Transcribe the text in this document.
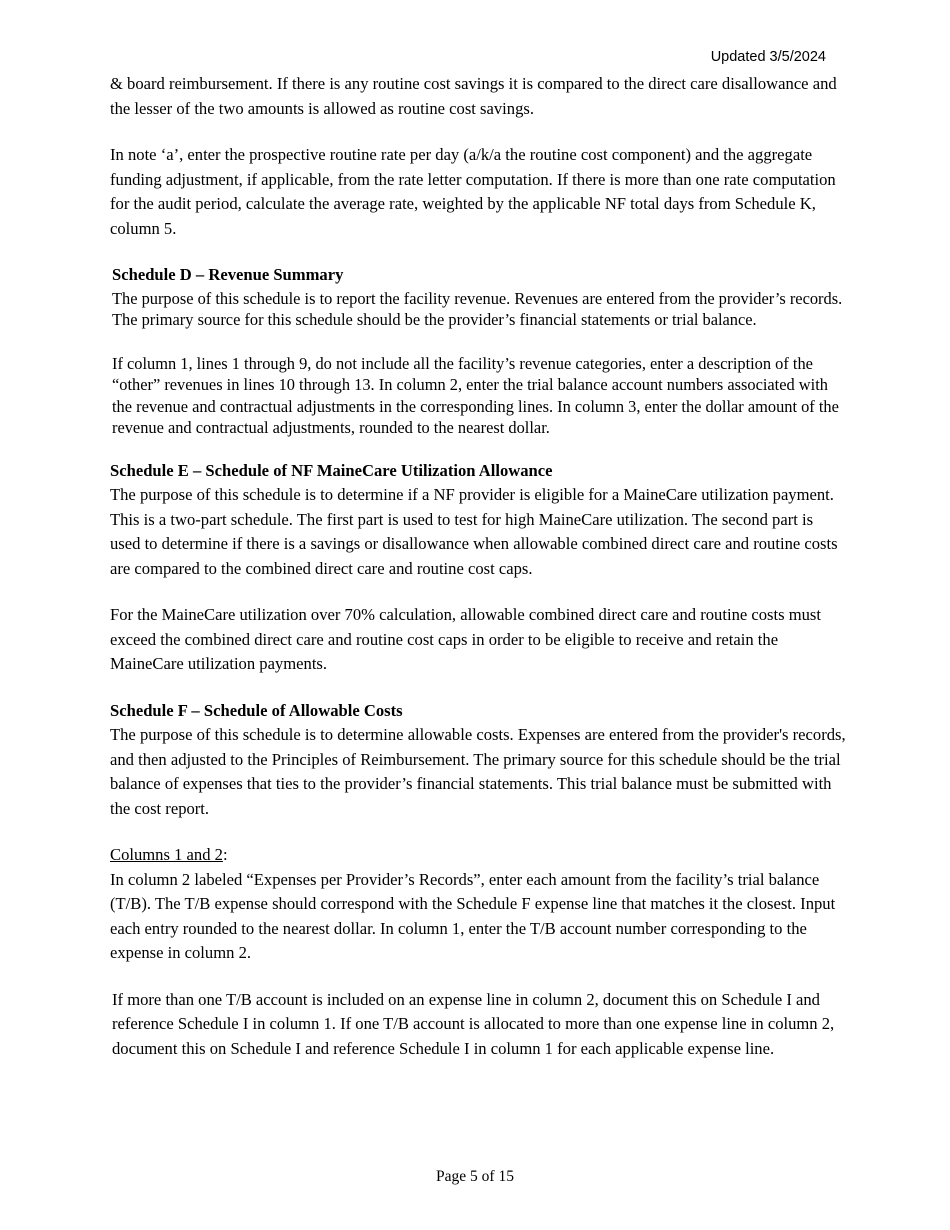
Updated 3/5/2024

& board reimbursement. If there is any routine cost savings it is compared to the direct care disallowance and the lesser of the two amounts is allowed as routine cost savings.

In note ‘a’, enter the prospective routine rate per day (a/k/a the routine cost component) and the aggregate funding adjustment, if applicable, from the rate letter computation. If there is more than one rate computation for the audit period, calculate the average rate, weighted by the applicable NF total days from Schedule K, column 5.

Schedule D – Revenue Summary

The purpose of this schedule is to report the facility revenue. Revenues are entered from the provider’s records. The primary source for this schedule should be the provider’s financial statements or trial balance.

If column 1, lines 1 through 9, do not include all the facility’s revenue categories, enter a description of the “other” revenues in lines 10 through 13. In column 2, enter the trial balance account numbers associated with the revenue and contractual adjustments in the corresponding lines. In column 3, enter the dollar amount of the revenue and contractual adjustments, rounded to the nearest dollar.

Schedule E – Schedule of NF MaineCare Utilization Allowance

The purpose of this schedule is to determine if a NF provider is eligible for a MaineCare utilization payment. This is a two-part schedule. The first part is used to test for high MaineCare utilization. The second part is used to determine if there is a savings or disallowance when allowable combined direct care and routine costs are compared to the combined direct care and routine cost caps.

For the MaineCare utilization over 70% calculation, allowable combined direct care and routine costs must exceed the combined direct care and routine cost caps in order to be eligible to receive and retain the MaineCare utilization payments.

Schedule F – Schedule of Allowable Costs

The purpose of this schedule is to determine allowable costs. Expenses are entered from the provider's records, and then adjusted to the Principles of Reimbursement. The primary source for this schedule should be the trial balance of expenses that ties to the provider’s financial statements. This trial balance must be submitted with the cost report.

Columns 1 and 2:

In column 2 labeled “Expenses per Provider’s Records”, enter each amount from the facility’s trial balance (T/B). The T/B expense should correspond with the Schedule F expense line that matches it the closest. Input each entry rounded to the nearest dollar. In column 1, enter the T/B account number corresponding to the expense in column 2.

If more than one T/B account is included on an expense line in column 2, document this on Schedule I and reference Schedule I in column 1. If one T/B account is allocated to more than one expense line in column 2, document this on Schedule I and reference Schedule I in column 1 for each applicable expense line.

Page 5 of 15
